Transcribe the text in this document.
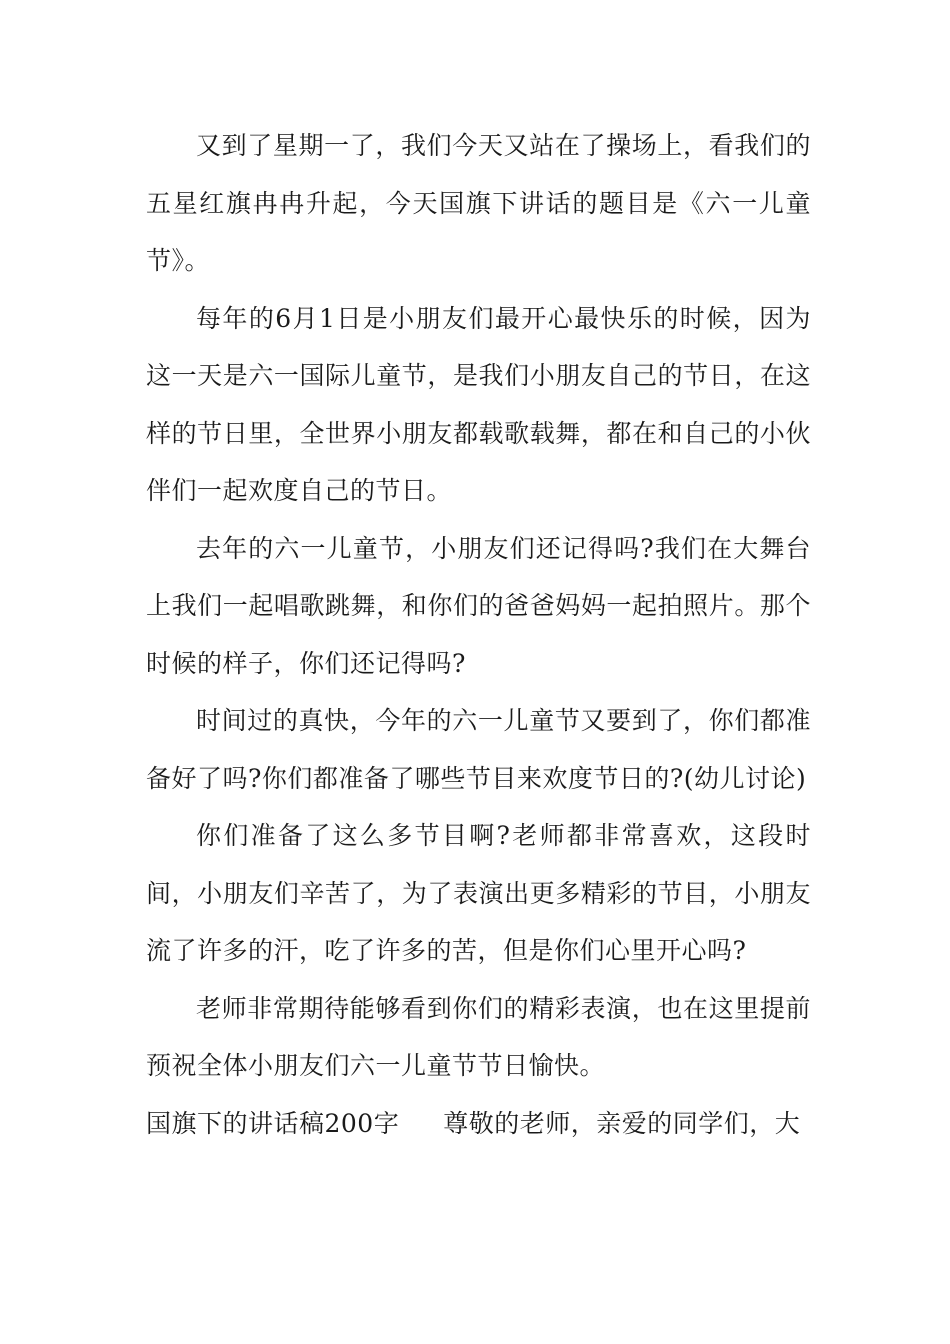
又到了星期一了，我们今天又站在了操场上，看我们的五星红旗冉冉升起，今天国旗下讲话的题目是《六一儿童节》。

每年的6月1日是小朋友们最开心最快乐的时候，因为这一天是六一国际儿童节，是我们小朋友自己的节日，在这样的节日里，全世界小朋友都载歌载舞，都在和自己的小伙伴们一起欢度自己的节日。

去年的六一儿童节，小朋友们还记得吗?我们在大舞台上我们一起唱歌跳舞，和你们的爸爸妈妈一起拍照片。那个时候的样子，你们还记得吗?

时间过的真快，今年的六一儿童节又要到了，你们都准备好了吗?你们都准备了哪些节目来欢度节日的?(幼儿讨论)

你们准备了这么多节目啊?老师都非常喜欢，这段时间，小朋友们辛苦了，为了表演出更多精彩的节目，小朋友流了许多的汗，吃了许多的苦，但是你们心里开心吗?

老师非常期待能够看到你们的精彩表演，也在这里提前预祝全体小朋友们六一儿童节节日愉快。

国旗下的讲话稿200字 尊敬的老师，亲爱的同学们，大
